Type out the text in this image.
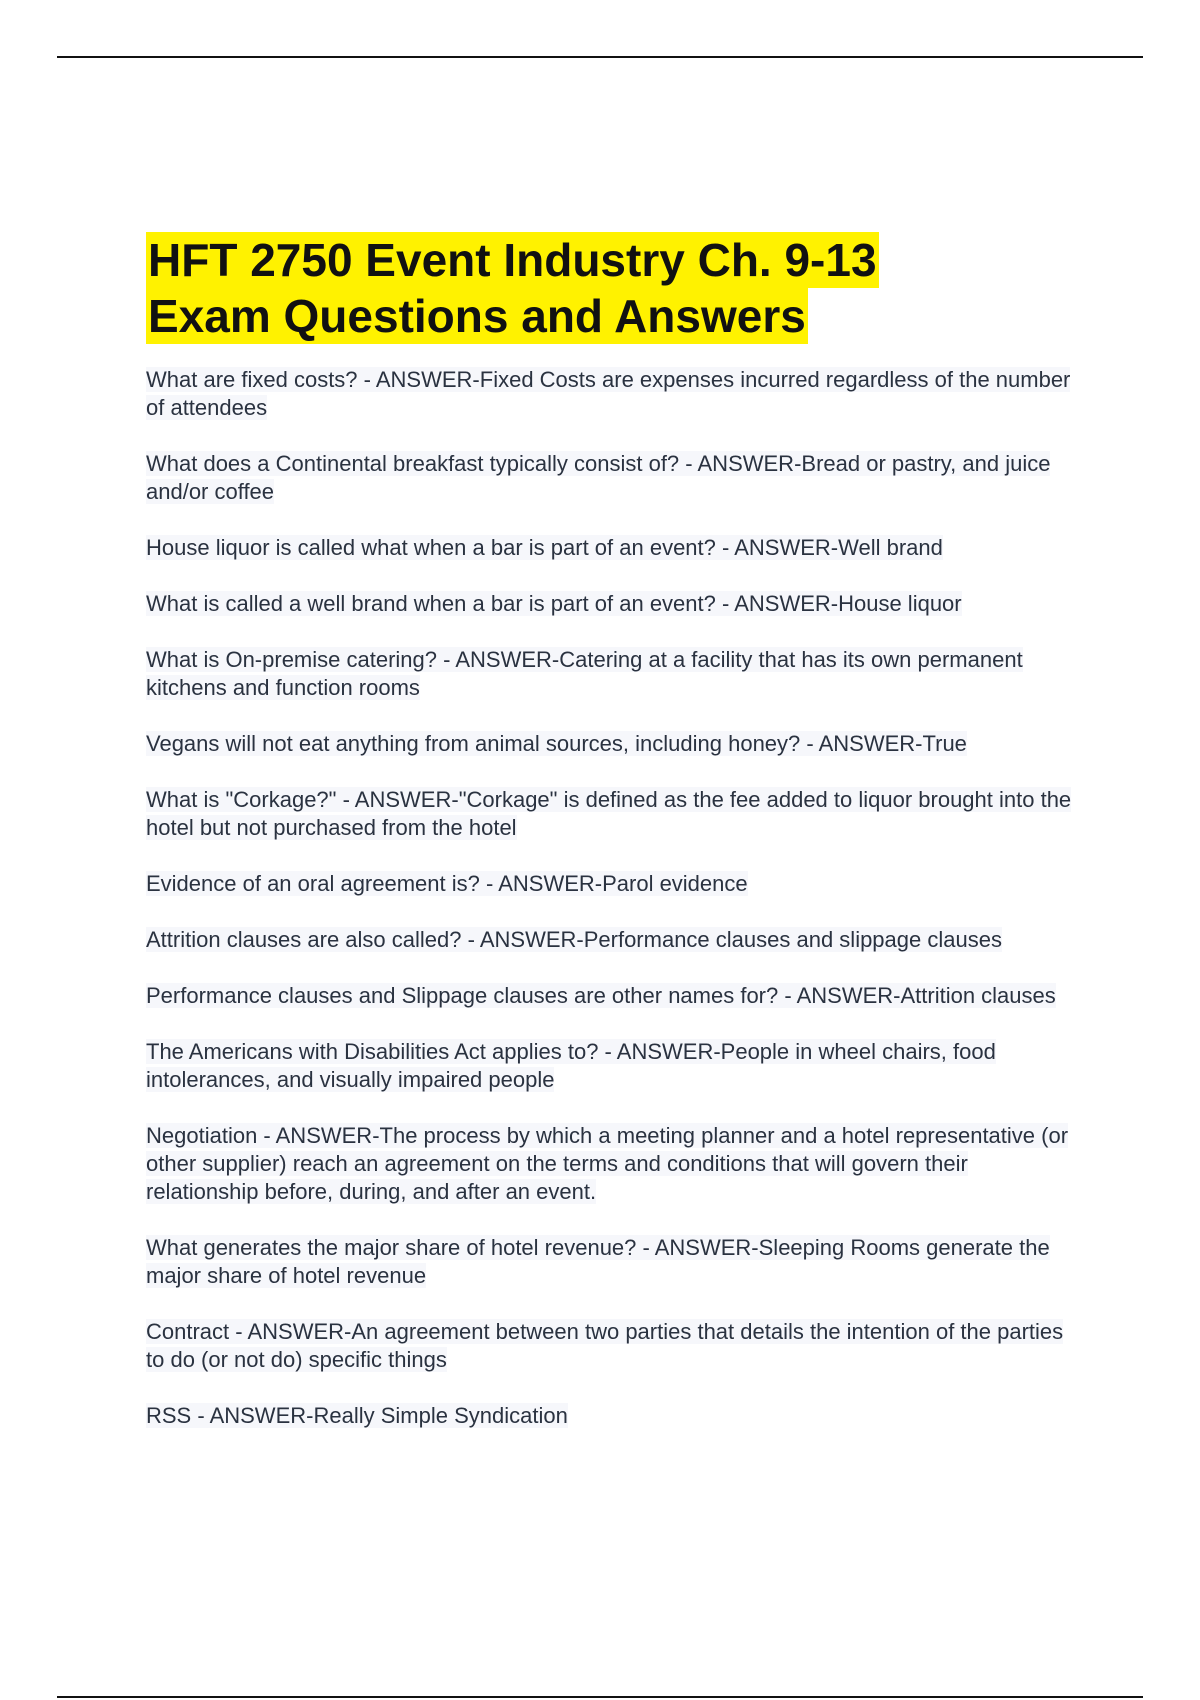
HFT 2750 Event Industry Ch. 9-13
Exam Questions and Answers
What are fixed costs? - ANSWER-Fixed Costs are expenses incurred regardless of the number of attendees
What does a Continental breakfast typically consist of? - ANSWER-Bread or pastry, and juice and/or coffee
House liquor is called what when a bar is part of an event? - ANSWER-Well brand
What is called a well brand when a bar is part of an event? - ANSWER-House liquor
What is On-premise catering? - ANSWER-Catering at a facility that has its own permanent kitchens and function rooms
Vegans will not eat anything from animal sources, including honey? - ANSWER-True
What is "Corkage?" - ANSWER-"Corkage" is defined as the fee added to liquor brought into the hotel but not purchased from the hotel
Evidence of an oral agreement is? - ANSWER-Parol evidence
Attrition clauses are also called? - ANSWER-Performance clauses and slippage clauses
Performance clauses and Slippage clauses are other names for? - ANSWER-Attrition clauses
The Americans with Disabilities Act applies to? - ANSWER-People in wheel chairs, food intolerances, and visually impaired people
Negotiation - ANSWER-The process by which a meeting planner and a hotel representative (or other supplier) reach an agreement on the terms and conditions that will govern their relationship before, during, and after an event.
What generates the major share of hotel revenue? - ANSWER-Sleeping Rooms generate the major share of hotel revenue
Contract - ANSWER-An agreement between two parties that details the intention of the parties to do (or not do) specific things
RSS - ANSWER-Really Simple Syndication
